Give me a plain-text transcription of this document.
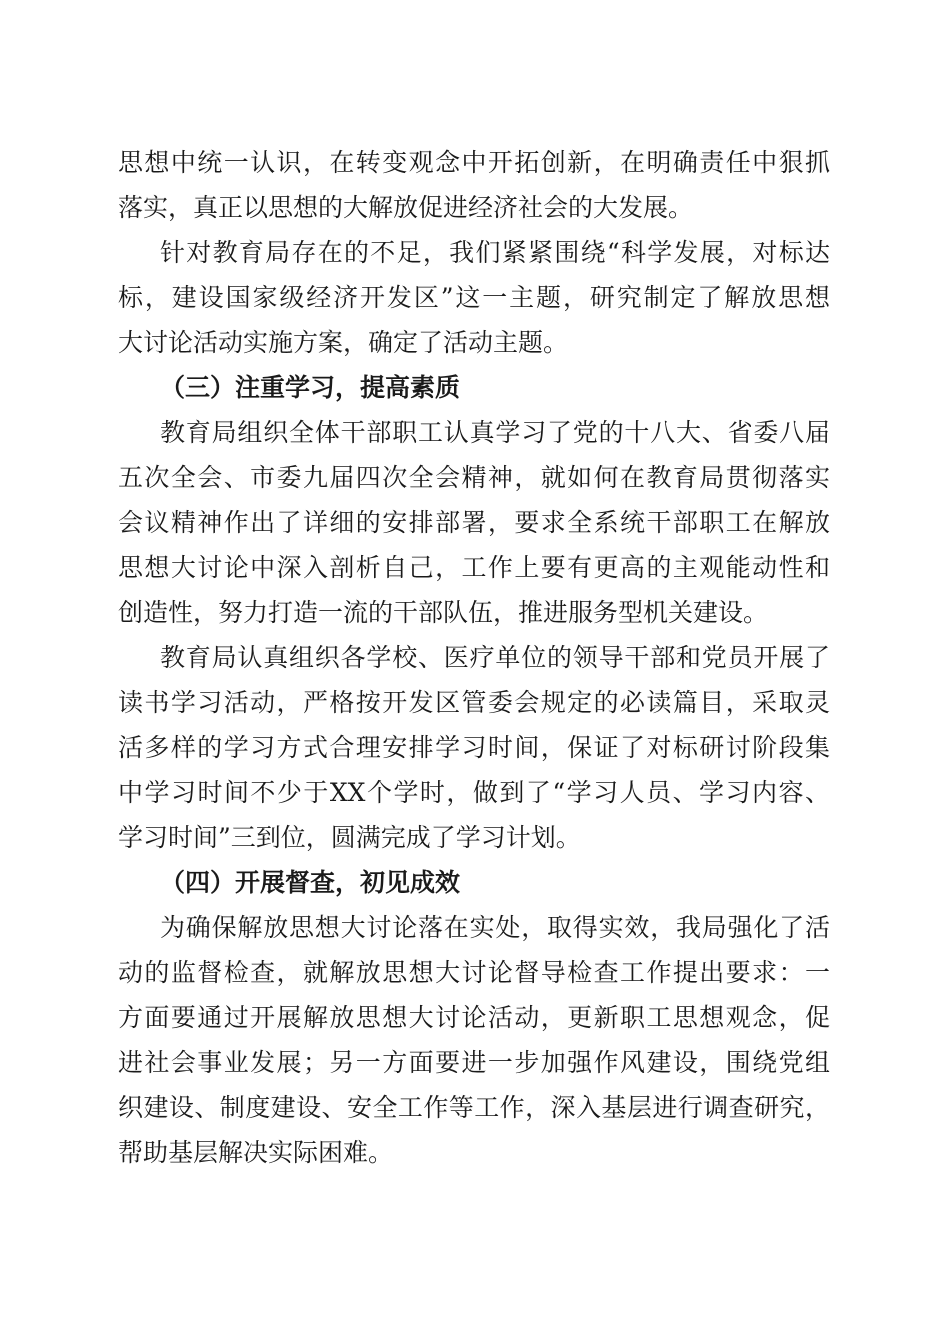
思想中统一认识，在转变观念中开拓创新，在明确责任中狠抓
落实，真正以思想的大解放促进经济社会的大发展。
针对教育局存在的不足，我们紧紧围绕“科学发展，对标达
标，建设国家级经济开发区”这一主题，研究制定了解放思想
大讨论活动实施方案，确定了活动主题。
（三）注重学习，提高素质
教育局组织全体干部职工认真学习了党的十八大、省委八届
五次全会、市委九届四次全会精神，就如何在教育局贯彻落实
会议精神作出了详细的安排部署，要求全系统干部职工在解放
思想大讨论中深入剖析自己，工作上要有更高的主观能动性和
创造性，努力打造一流的干部队伍，推进服务型机关建设。
教育局认真组织各学校、医疗单位的领导干部和党员开展了
读书学习活动，严格按开发区管委会规定的必读篇目，采取灵
活多样的学习方式合理安排学习时间，保证了对标研讨阶段集
中学习时间不少于XX个学时，做到了“学习人员、学习内容、
学习时间”三到位，圆满完成了学习计划。
（四）开展督查，初见成效
为确保解放思想大讨论落在实处，取得实效，我局强化了活
动的监督检查，就解放思想大讨论督导检查工作提出要求：一
方面要通过开展解放思想大讨论活动，更新职工思想观念，促
进社会事业发展；另一方面要进一步加强作风建设，围绕党组
织建设、制度建设、安全工作等工作，深入基层进行调查研究，
帮助基层解决实际困难。
